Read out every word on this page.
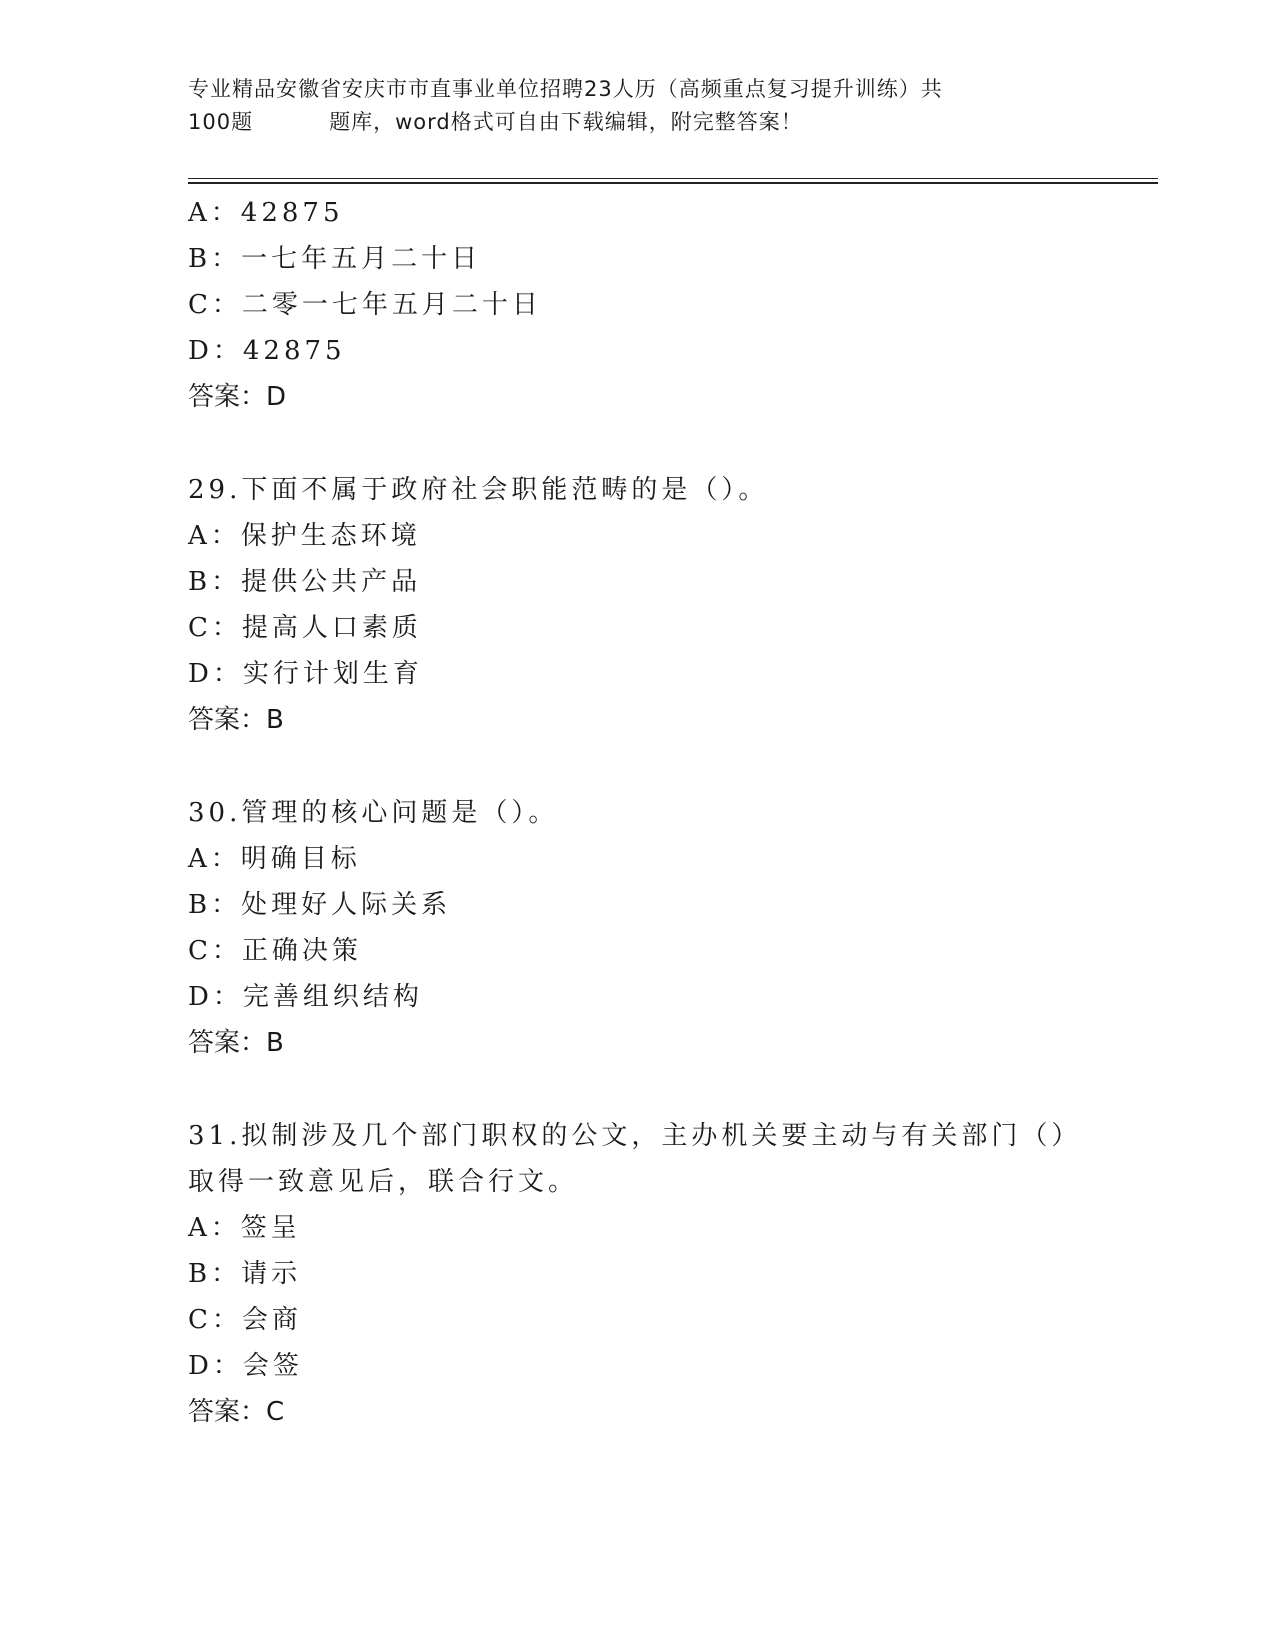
专业精品安徽省安庆市市直事业单位招聘23人历（高频重点复习提升训练）共
100题	题库，word格式可自由下载编辑，附完整答案！
A：42875
B：一七年五月二十日
C：二零一七年五月二十日
D：42875
答案：D
29.下面不属于政府社会职能范畴的是（）。
A：保护生态环境
B：提供公共产品
C：提高人口素质
D：实行计划生育
答案：B
30.管理的核心问题是（）。
A：明确目标
B：处理好人际关系
C：正确决策
D：完善组织结构
答案：B
31.拟制涉及几个部门职权的公文，主办机关要主动与有关部门（）取得一致意见后，联合行文。
A：签呈
B：请示
C：会商
D：会签
答案：C
